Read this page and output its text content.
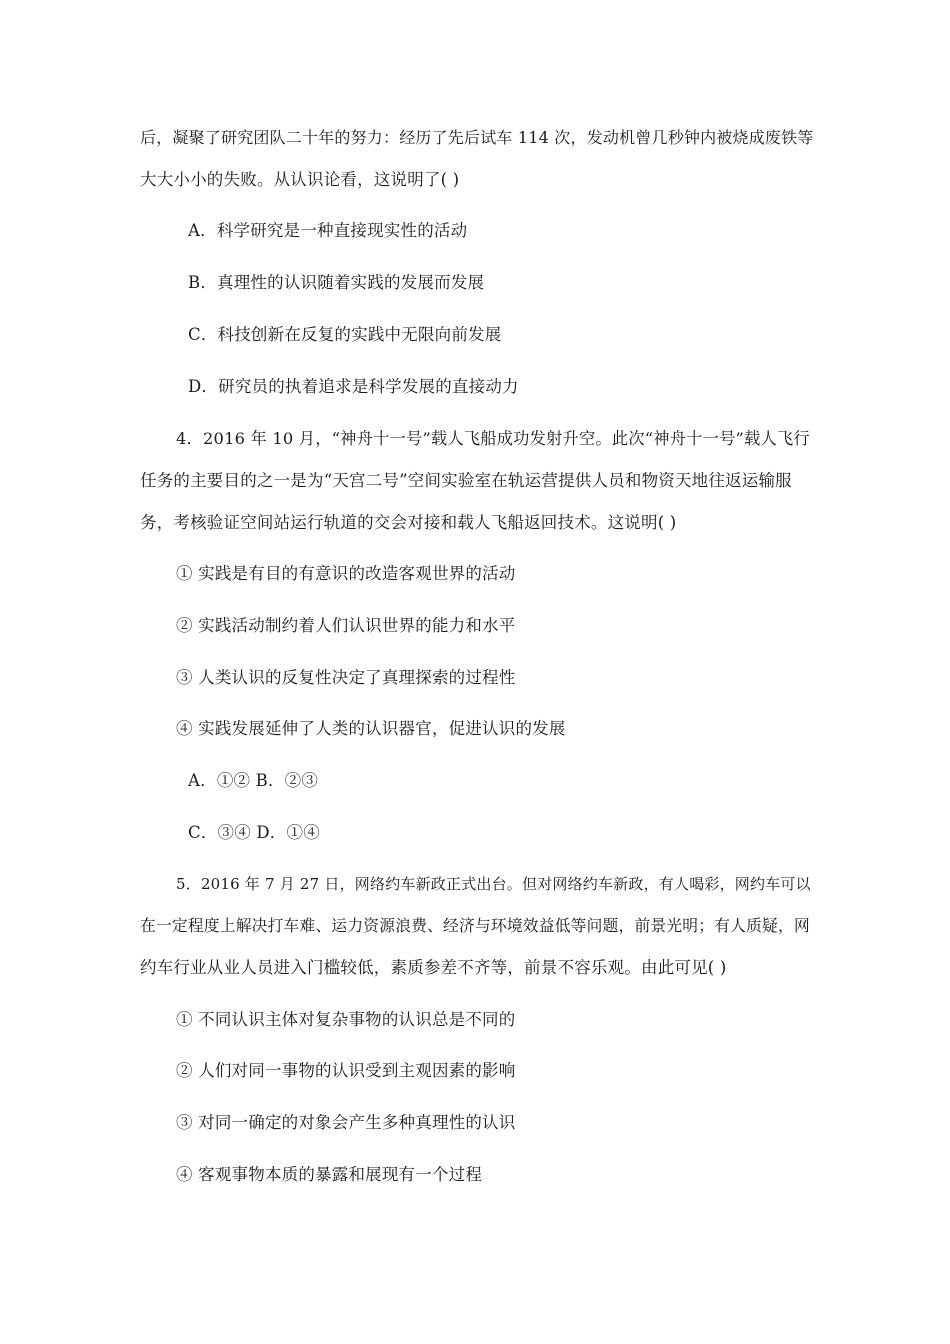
后，凝聚了研究团队二十年的努力：经历了先后试车 114 次，发动机曾几秒钟内被烧成废铁等
大大小小的失败。从认识论看，这说明了( )
A．科学研究是一种直接现实性的活动
B．真理性的认识随着实践的发展而发展
C．科技创新在反复的实践中无限向前发展
D．研究员的执着追求是科学发展的直接动力
4．2016 年 10 月，“神舟十一号”载人飞船成功发射升空。此次“神舟十一号”载人飞行
任务的主要目的之一是为“天宫二号”空间实验室在轨运营提供人员和物资天地往返运输服
务，考核验证空间站运行轨道的交会对接和载人飞船返回技术。这说明( )
① 实践是有目的有意识的改造客观世界的活动
② 实践活动制约着人们认识世界的能力和水平
③ 人类认识的反复性决定了真理探索的过程性
④ 实践发展延伸了人类的认识器官，促进认识的发展
A．①② B．②③
C．③④ D．①④
5．2016 年 7 月 27 日，网络约车新政正式出台。但对网络约车新政，有人喝彩，网约车可以
在一定程度上解决打车难、运力资源浪费、经济与环境效益低等问题，前景光明；有人质疑，网
约车行业从业人员进入门槛较低，素质参差不齐等，前景不容乐观。由此可见( )
① 不同认识主体对复杂事物的认识总是不同的
② 人们对同一事物的认识受到主观因素的影响
③ 对同一确定的对象会产生多种真理性的认识
④ 客观事物本质的暴露和展现有一个过程
